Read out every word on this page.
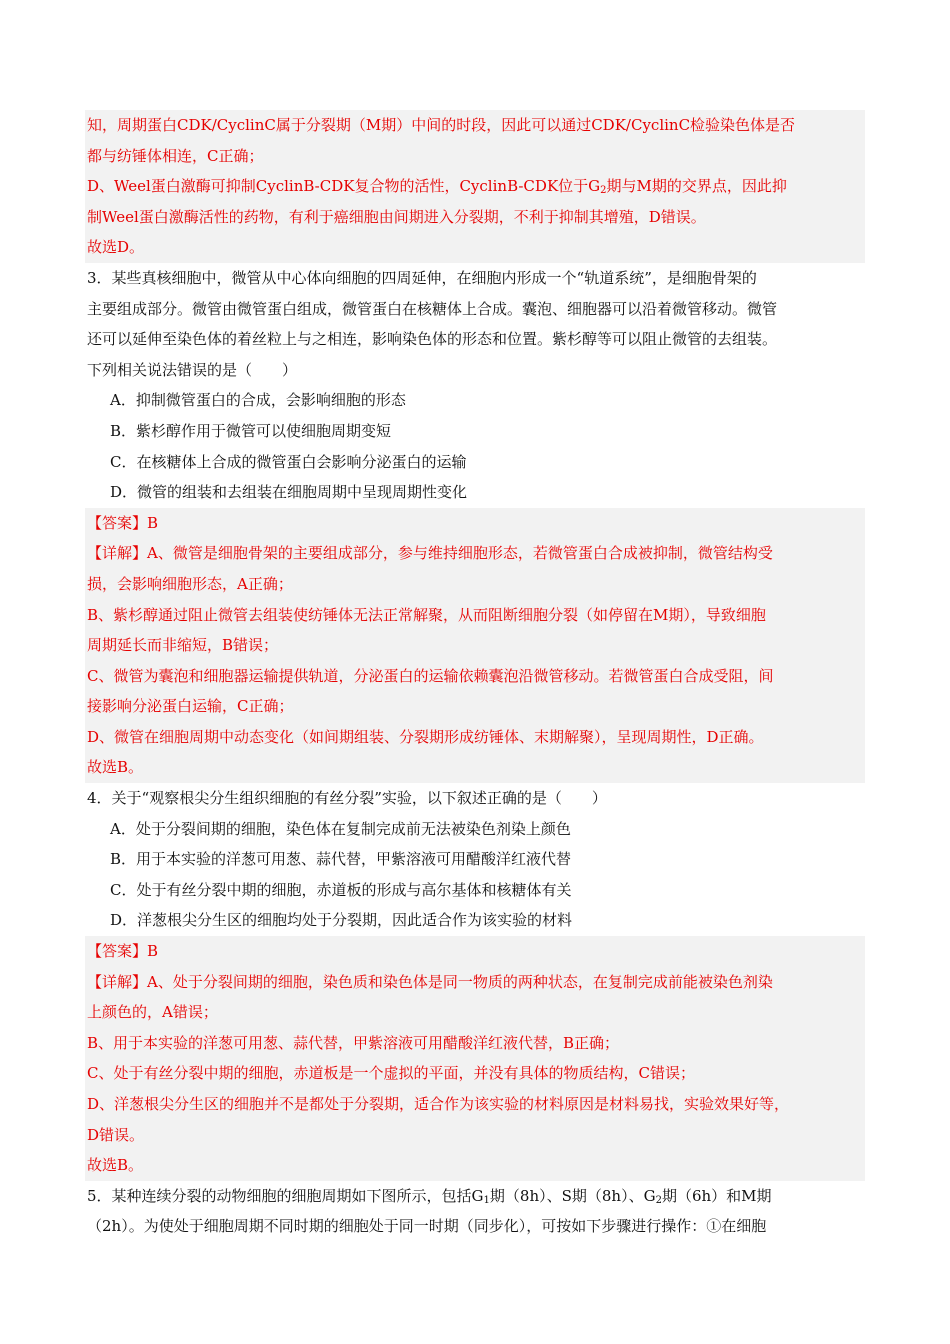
知，周期蛋白CDK/CyclinC属于分裂期（M期）中间的时段，因此可以通过CDK/CyclinC检验染色体是否
都与纺锤体相连，C正确；
D、Weel蛋白激酶可抑制CyclinB-CDK复合物的活性，CyclinB-CDK位于$G_2$期与M期的交界点，因此抑
制Weel蛋白激酶活性的药物，有利于癌细胞由间期进入分裂期，不利于抑制其增殖，D错误。
故选D。
3．某些真核细胞中，微管从中心体向细胞的四周延伸，在细胞内形成一个“轨道系统”，是细胞骨架的
主要组成部分。微管由微管蛋白组成，微管蛋白在核糖体上合成。囊泡、细胞器可以沿着微管移动。微管
还可以延伸至染色体的着丝粒上与之相连，影响染色体的形态和位置。紫杉醇等可以阻止微管的去组装。
下列相关说法错误的是（　　）
A．抑制微管蛋白的合成，会影响细胞的形态
B．紫杉醇作用于微管可以使细胞周期变短
C．在核糖体上合成的微管蛋白会影响分泌蛋白的运输
D．微管的组装和去组装在细胞周期中呈现周期性变化
【答案】B
【详解】A、微管是细胞骨架的主要组成部分，参与维持细胞形态，若微管蛋白合成被抑制，微管结构受
损，会影响细胞形态，A正确；
B、紫杉醇通过阻止微管去组装使纺锤体无法正常解聚，从而阻断细胞分裂（如停留在M期），导致细胞
周期延长而非缩短，B错误；
C、微管为囊泡和细胞器运输提供轨道，分泌蛋白的运输依赖囊泡沿微管移动。若微管蛋白合成受阻，间
接影响分泌蛋白运输，C正确；
D、微管在细胞周期中动态变化（如间期组装、分裂期形成纺锤体、末期解聚），呈现周期性，D正确。
故选B。
4．关于“观察根尖分生组织细胞的有丝分裂”实验，以下叙述正确的是（　　）
A．处于分裂间期的细胞，染色体在复制完成前无法被染色剂染上颜色
B．用于本实验的洋葱可用葱、蒜代替，甲紫溶液可用醋酸洋红液代替
C．处于有丝分裂中期的细胞，赤道板的形成与高尔基体和核糖体有关
D．洋葱根尖分生区的细胞均处于分裂期，因此适合作为该实验的材料
【答案】B
【详解】A、处于分裂间期的细胞，染色质和染色体是同一物质的两种状态，在复制完成前能被染色剂染
上颜色的，A错误；
B、用于本实验的洋葱可用葱、蒜代替，甲紫溶液可用醋酸洋红液代替，B正确；
C、处于有丝分裂中期的细胞，赤道板是一个虚拟的平面，并没有具体的物质结构，C错误；
D、洋葱根尖分生区的细胞并不是都处于分裂期，适合作为该实验的材料原因是材料易找，实验效果好等，
D错误。
故选B。
5．某种连续分裂的动物细胞的细胞周期如下图所示，包括$G_1$期（8h）、S期（8h）、$G_2$期（6h）和M期
（2h）。为使处于细胞周期不同时期的细胞处于同一时期（同步化），可按如下步骤进行操作：①在细胞
